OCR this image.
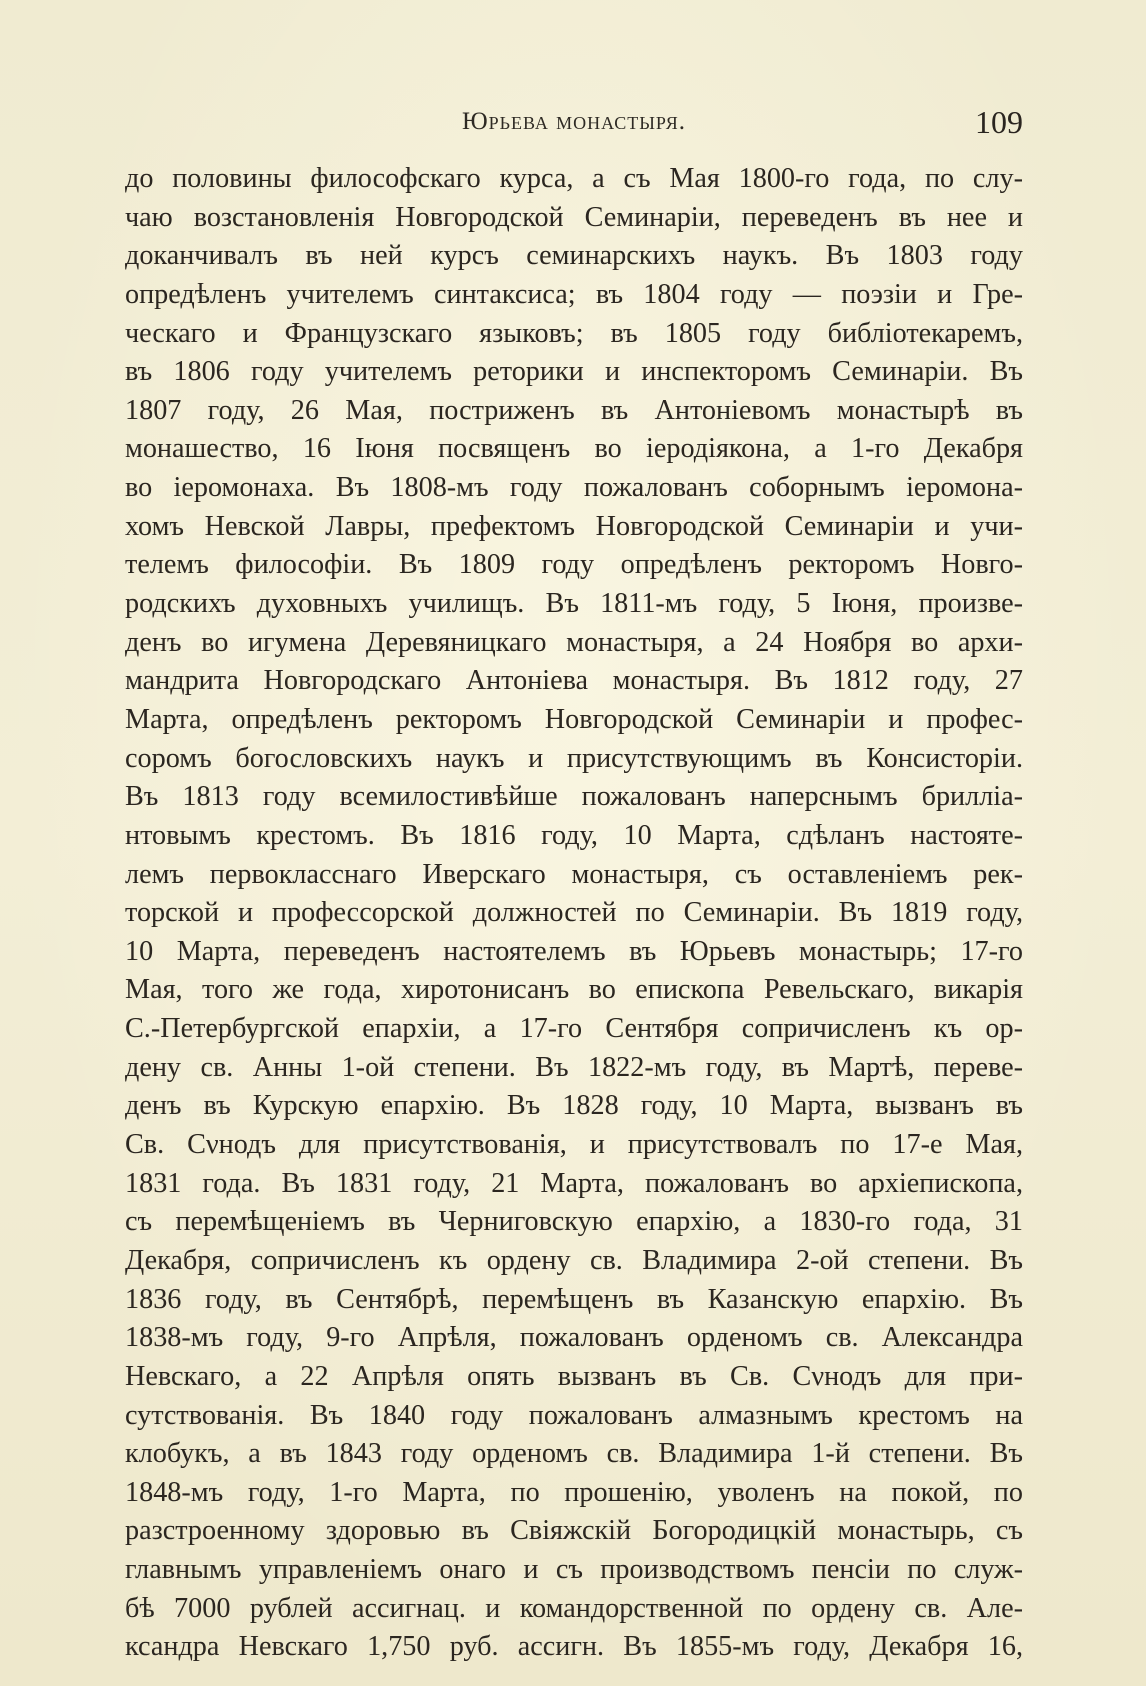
Юрьева монастыря.	109
до половины философскаго курса, а съ Мая 1800-го года, по слу-
чаю возстановленія Новгородской Семинаріи, переведенъ въ нее и
доканчивалъ въ ней курсъ семинарскихъ наукъ. Въ 1803 году
опредѣленъ учителемъ синтаксиса; въ 1804 году — поэзіи и Гре-
ческаго и Французскаго языковъ; въ 1805 году библіотекаремъ,
въ 1806 году учителемъ реторики и инспекторомъ Семинаріи. Въ
1807 году, 26 Мая, постриженъ въ Антоніевомъ монастырѣ въ
монашество, 16 Іюня посвященъ во іеродіякона, а 1-го Декабря
во іеромонаха. Въ 1808-мъ году пожалованъ соборнымъ іеромона-
хомъ Невской Лавры, префектомъ Новгородской Семинаріи и учи-
телемъ философіи. Въ 1809 году опредѣленъ ректоромъ Новго-
родскихъ духовныхъ училищъ. Въ 1811-мъ году, 5 Іюня, произве-
денъ во игумена Деревяницкаго монастыря, а 24 Ноября во архи-
мандрита Новгородскаго Антоніева монастыря. Въ 1812 году, 27
Марта, опредѣленъ ректоромъ Новгородской Семинаріи и профес-
соромъ богословскихъ наукъ и присутствующимъ въ Консисторіи.
Въ 1813 году всемилостивѣйше пожалованъ наперснымъ брилліа-
нтовымъ крестомъ. Въ 1816 году, 10 Марта, сдѣланъ настояте-
лемъ первокласснаго Иверскаго монастыря, съ оставленіемъ рек-
торской и профессорской должностей по Семинаріи. Въ 1819 году,
10 Марта, переведенъ настоятелемъ въ Юрьевъ монастырь; 17-го
Мая, того же года, хиротонисанъ во епископа Ревельскаго, викарія
С.-Петербургской епархіи, а 17-го Сентября сопричисленъ къ ор-
дену св. Анны 1-ой степени. Въ 1822-мъ году, въ Мартѣ, переве-
денъ въ Курскую епархію. Въ 1828 году, 10 Марта, вызванъ въ
Св. Сνнодъ для присутствованія, и присутствовалъ по 17-е Мая,
1831 года. Въ 1831 году, 21 Марта, пожалованъ во архіепископа,
съ перемѣщеніемъ въ Черниговскую епархію, а 1830-го года, 31
Декабря, сопричисленъ къ ордену св. Владимира 2-ой степени. Въ
1836 году, въ Сентябрѣ, перемѣщенъ въ Казанскую епархію. Въ
1838-мъ году, 9-го Апрѣля, пожалованъ орденомъ св. Александра
Невскаго, а 22 Апрѣля опять вызванъ въ Св. Сνнодъ для при-
сутствованія. Въ 1840 году пожалованъ алмазнымъ крестомъ на
клобукъ, а въ 1843 году орденомъ св. Владимира 1-й степени. Въ
1848-мъ году, 1-го Марта, по прошенію, уволенъ на покой, по
разстроенному здоровью въ Свіяжскій Богородицкій монастырь, съ
главнымъ управленіемъ онаго и съ производствомъ пенсіи по служ-
бѣ 7000 рублей ассигнац. и командорственной по ордену св. Але-
ксандра Невскаго 1,750 руб. ассигн. Въ 1855-мъ году, Декабря 16,
